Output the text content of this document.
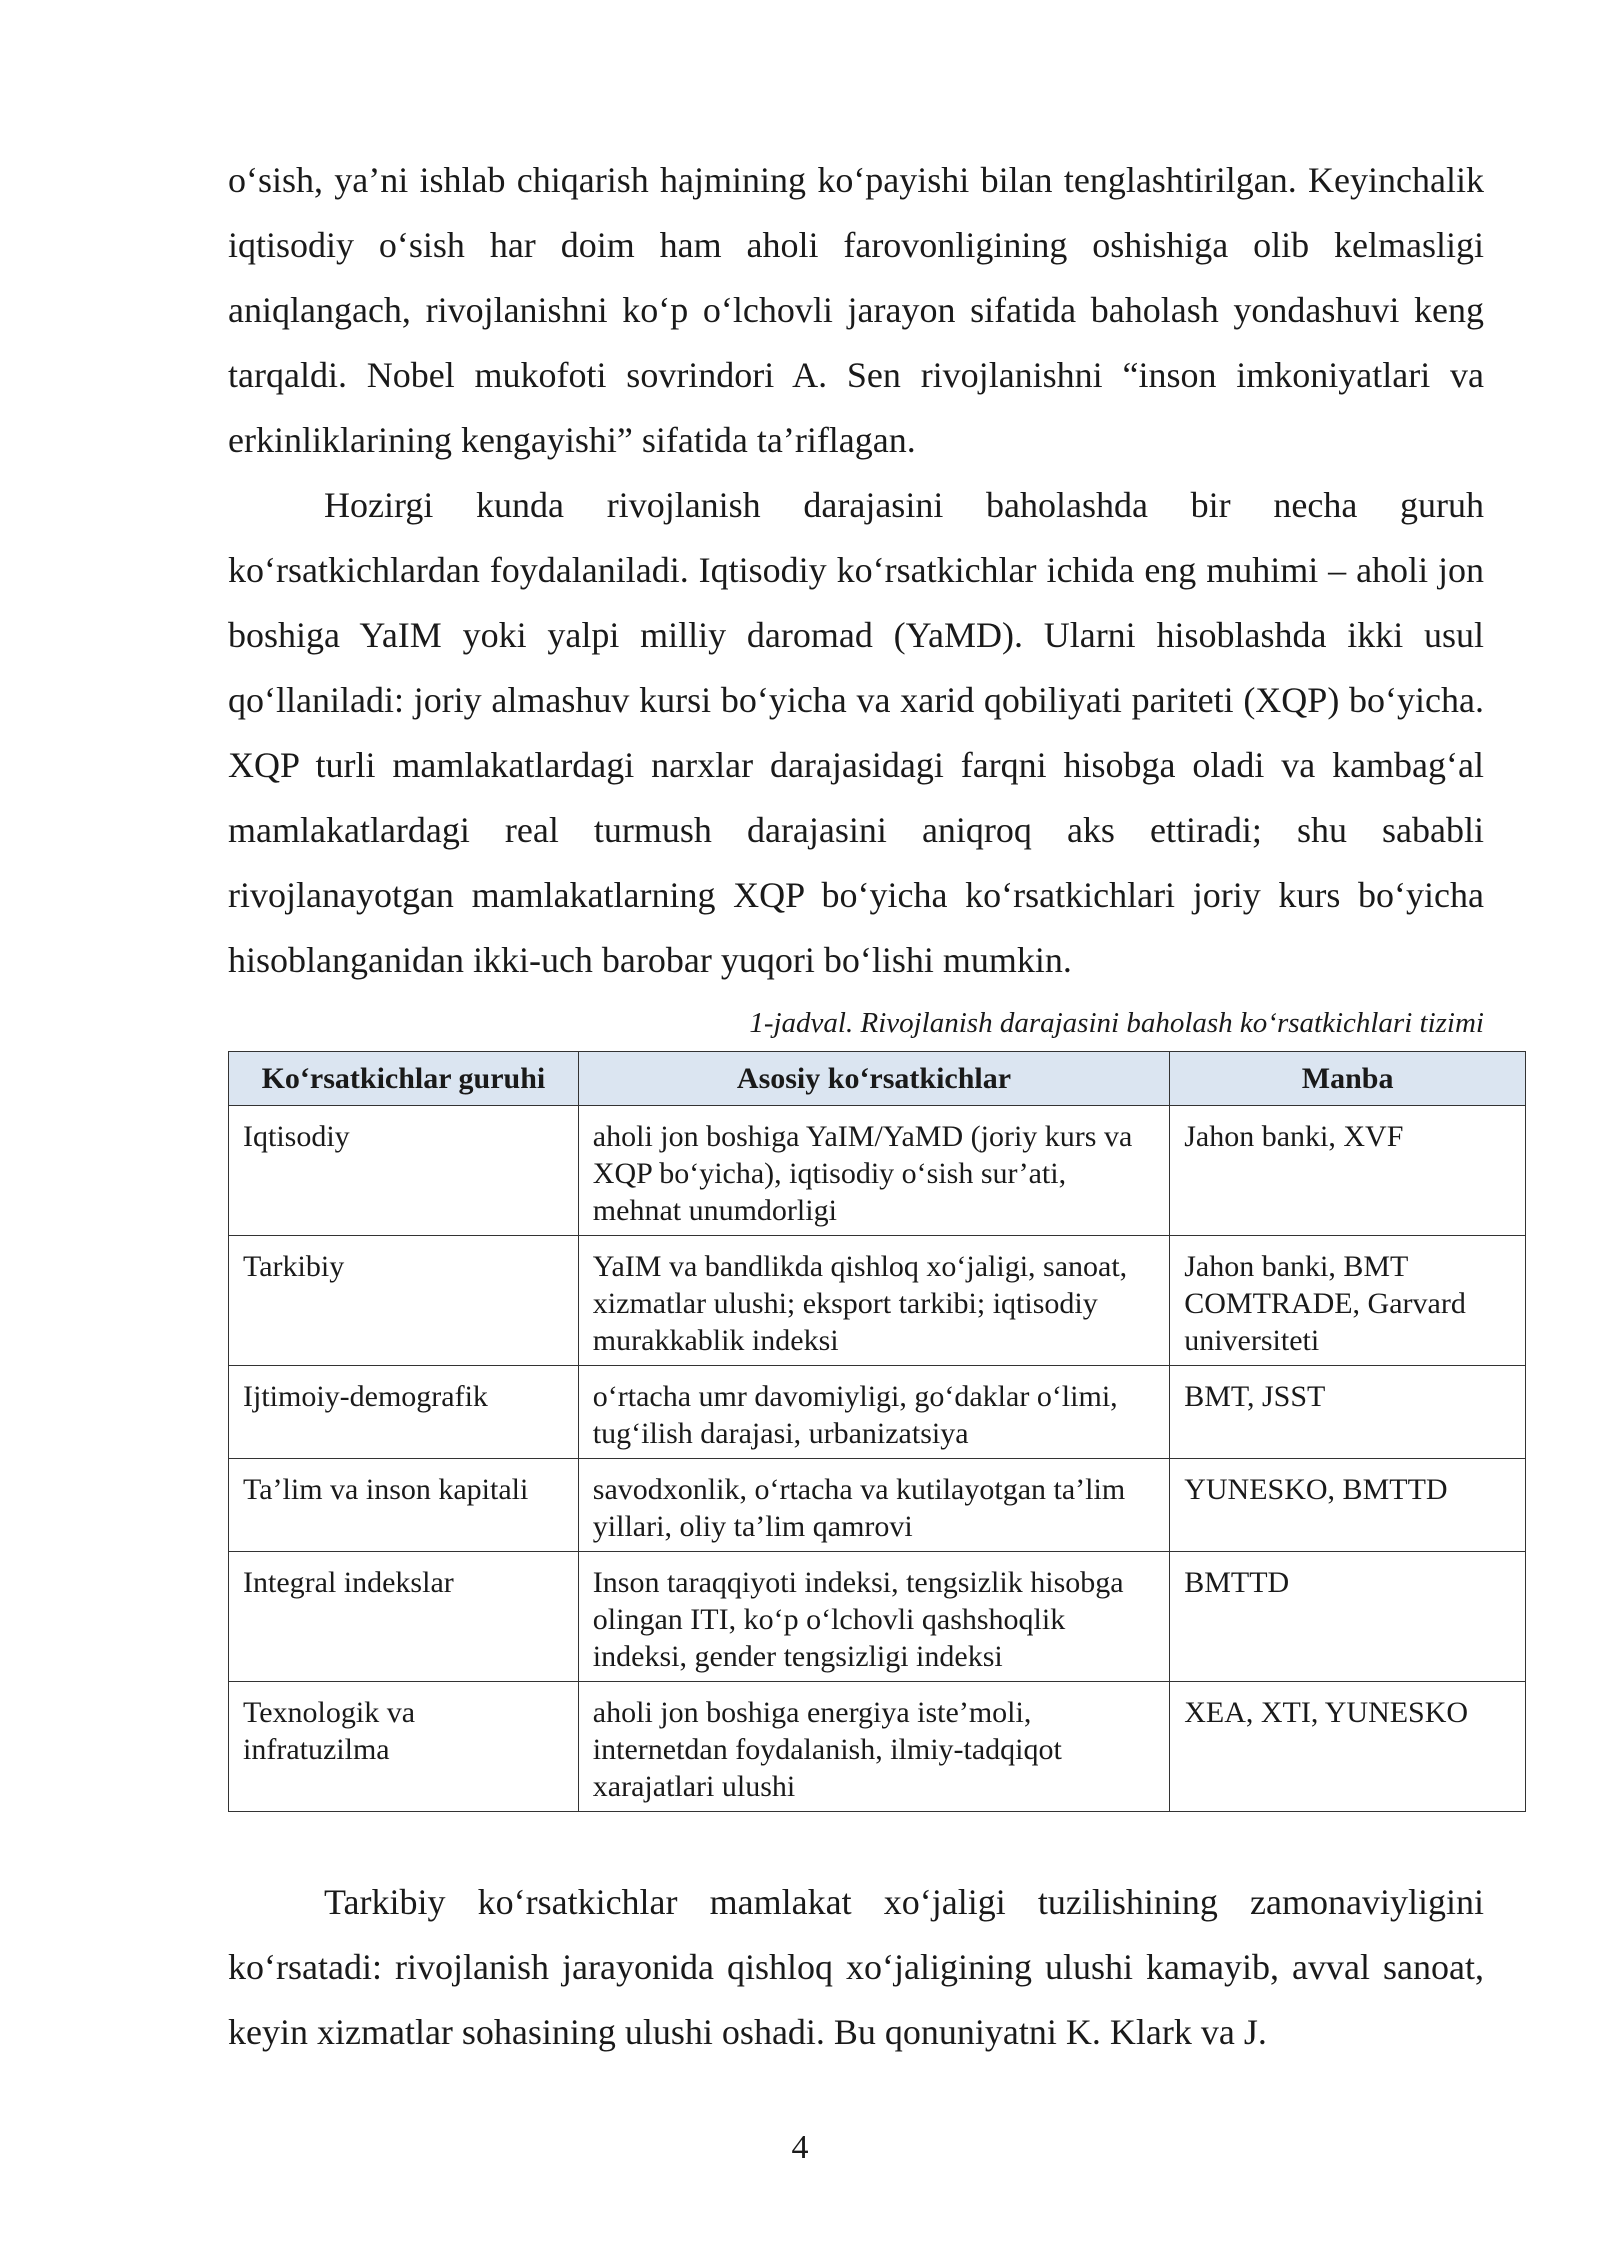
o‘sish, ya’ni ishlab chiqarish hajmining ko‘payishi bilan tenglashtirilgan. Keyinchalik iqtisodiy o‘sish har doim ham aholi farovonligining oshishiga olib kelmasligi aniqlangach, rivojlanishni ko‘p o‘lchovli jarayon sifatida baholash yondashuvi keng tarqaldi. Nobel mukofoti sovrindori A. Sen rivojlanishni “inson imkoniyatlari va erkinliklarining kengayishi” sifatida ta’riflagan.

Hozirgi kunda rivojlanish darajasini baholashda bir necha guruh ko‘rsatkichlardan foydalaniladi. Iqtisodiy ko‘rsatkichlar ichida eng muhimi – aholi jon boshiga YaIM yoki yalpi milliy daromad (YaMD). Ularni hisoblashda ikki usul qo‘llaniladi: joriy almashuv kursi bo‘yicha va xarid qobiliyati pariteti (XQP) bo‘yicha. XQP turli mamlakatlardagi narxlar darajasidagi farqni hisobga oladi va kambag‘al mamlakatlardagi real turmush darajasini aniqroq aks ettiradi; shu sababli rivojlanayotgan mamlakatlarning XQP bo‘yicha ko‘rsatkichlari joriy kurs bo‘yicha hisoblanganidan ikki-uch barobar yuqori bo‘lishi mumkin.

1-jadval. Rivojlanish darajasini baholash ko‘rsatkichlari tizimi

Ko‘rsatkichlar guruhi	Asosiy ko‘rsatkichlar	Manba
Iqtisodiy	aholi jon boshiga YaIM/YaMD (joriy kurs va XQP bo‘yicha), iqtisodiy o‘sish sur’ati, mehnat unumdorligi	Jahon banki, XVF
Tarkibiy	YaIM va bandlikda qishloq xo‘jaligi, sanoat, xizmatlar ulushi; eksport tarkibi; iqtisodiy murakkablik indeksi	Jahon banki, BMT COMTRADE, Garvard universiteti
Ijtimoiy-demografik	o‘rtacha umr davomiyligi, go‘daklar o‘limi, tug‘ilish darajasi, urbanizatsiya	BMT, JSST
Ta’lim va inson kapitali	savodxonlik, o‘rtacha va kutilayotgan ta’lim yillari, oliy ta’lim qamrovi	YUNESKO, BMTTD
Integral indekslar	Inson taraqqiyoti indeksi, tengsizlik hisobga olingan ITI, ko‘p o‘lchovli qashshoqlik indeksi, gender tengsizligi indeksi	BMTTD
Texnologik va infratuzilma	aholi jon boshiga energiya iste’moli, internetdan foydalanish, ilmiy-tadqiqot xarajatlari ulushi	XEA, XTI, YUNESKO

Tarkibiy ko‘rsatkichlar mamlakat xo‘jaligi tuzilishining zamonaviyligini ko‘rsatadi: rivojlanish jarayonida qishloq xo‘jaligining ulushi kamayib, avval sanoat, keyin xizmatlar sohasining ulushi oshadi. Bu qonuniyatni K. Klark va J.

4
